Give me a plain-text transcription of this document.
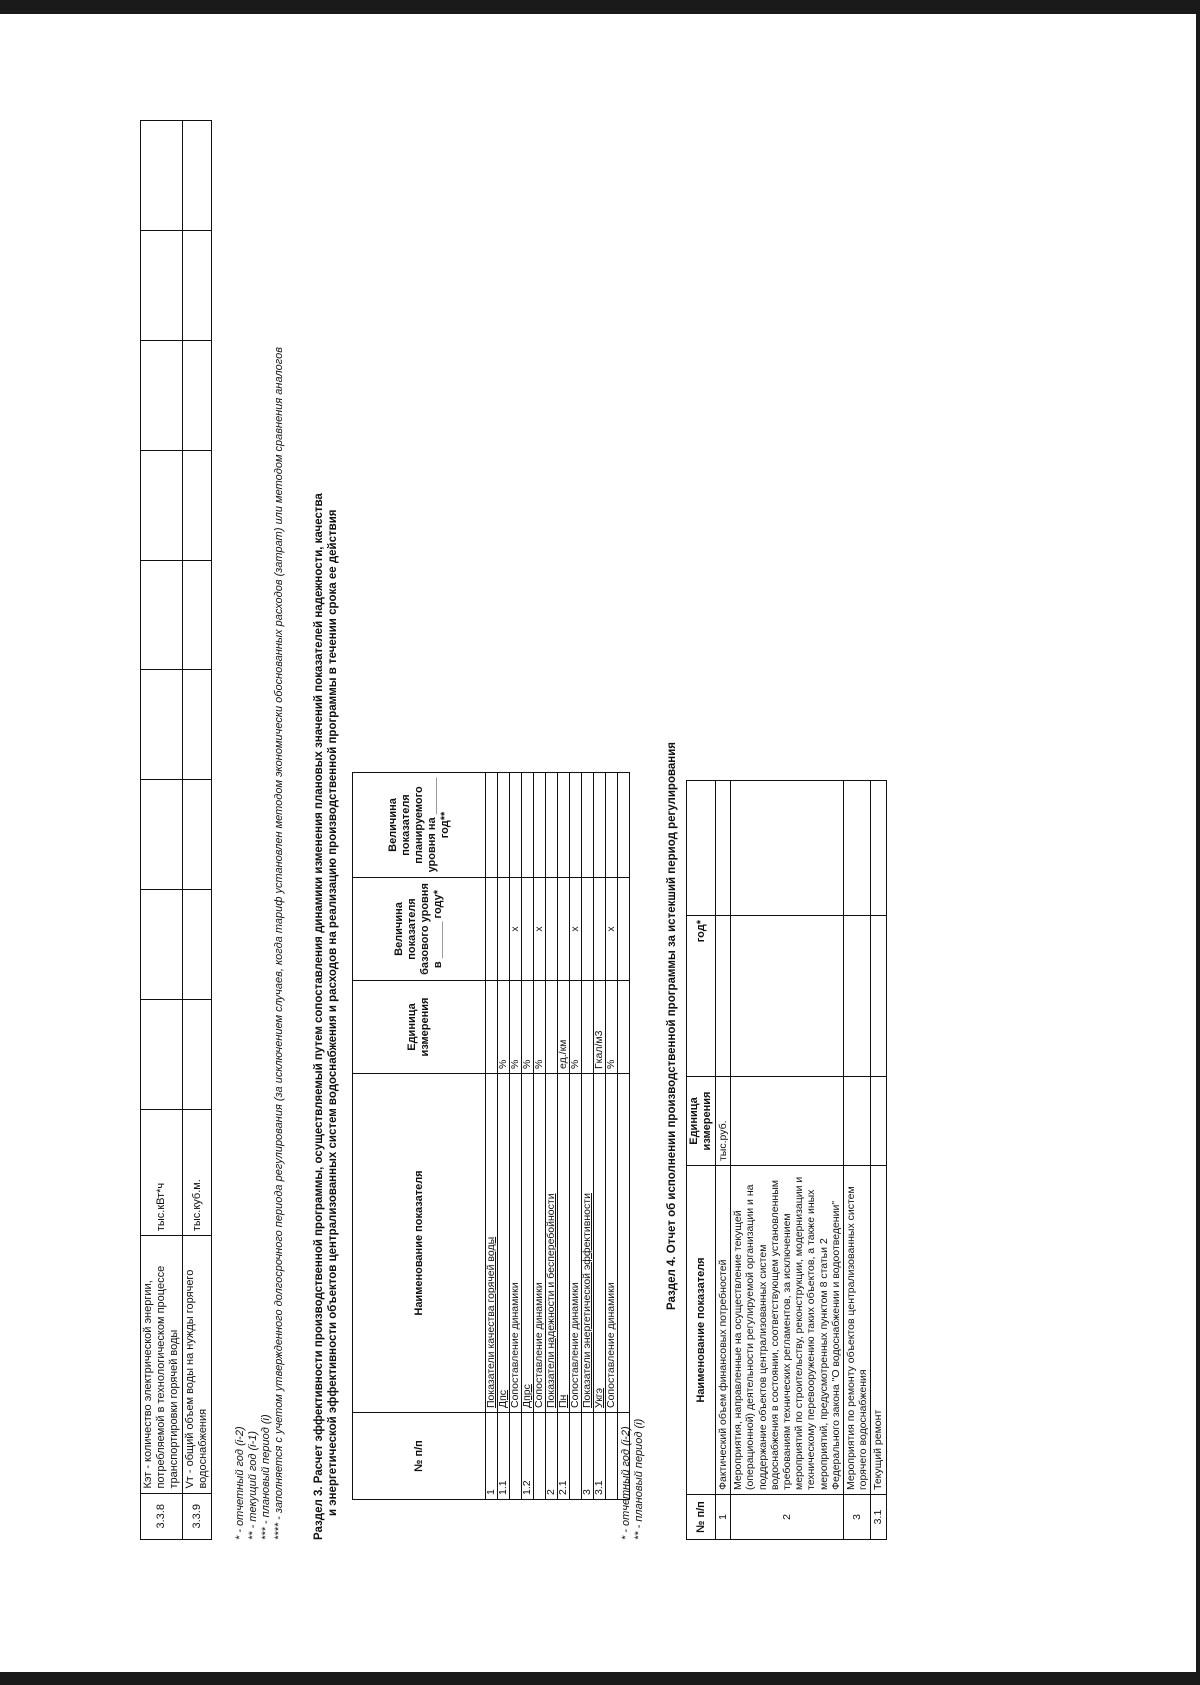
3.3.8	Кэт - количество электрической энергии, потребляемой в технологическом процессе транспортировки горячей воды	тыс.кВт*ч									
3.3.9	Vт - общий объем воды на нужды горячего водоснабжения	тыс.куб.м.									
* - отчетный год (i-2) ** - текущий год (i-1) *** - плановый период (i) **** - заполняется с учетом утвержденного долгосрочного периода регулирования (за исключением случаев, когда тариф установлен методом экономически обоснованных расходов (затрат) или методом сравнения аналогов Раздел 3. Расчет эффективности производственной программы, осуществляемый путем сопоставления динамики изменения плановых значений показателей надежности, качества и энергетической эффективности объектов централизованных систем водоснабжения и расходов на реализацию производственной программы в течении срока ее действия	№ п/п	Наименование показателя	Единица измерения	Величина показателя базового уровня в ______ году*	Величина показателя планируемого уровня на ______ год**
1	Показатели качества горячей воды			
1.1	Дпс	%		
	Сопоставление динамики	%	х	
1.2	Дпрс	%		
	Сопоставление динамики	%	х	
2	Показатели надежности и бесперебойности			
2.1	Пн	ед./км		
	Сопоставление динамики	%	х	
3	Показатели энергетической эффективности			
3.1	Укгэ	Гкал/м3		
	Сопоставление динамики	%	х	

* - отчетный год (i-2) ** - плановый период (i)
Раздел 4. Отчет об исполнении производственной программы за истекший период регулирования
№ п/п	Наименование показателя	Единица измерения	год*	
1	Фактический объем финансовых потребностей	тыс.руб.		
2	Мероприятия, направленные на осуществление текущей (операционной) деятельности регулируемой организации и на поддержание объектов централизованных систем водоснабжения в состоянии, соответствующем установленным требованиям технических регламентов, за исключением мероприятий по строительству, реконструкции, модернизации и техническому перевооружению таких объектов, а также иных мероприятий, предусмотренных пунктом 8 статьи 2 Федерального закона "О водоснабжении и водоотведении"			
3	Мероприятия по ремонту объектов централизованных систем горячего водоснабжения			
3.1	Текущий ремонт			
